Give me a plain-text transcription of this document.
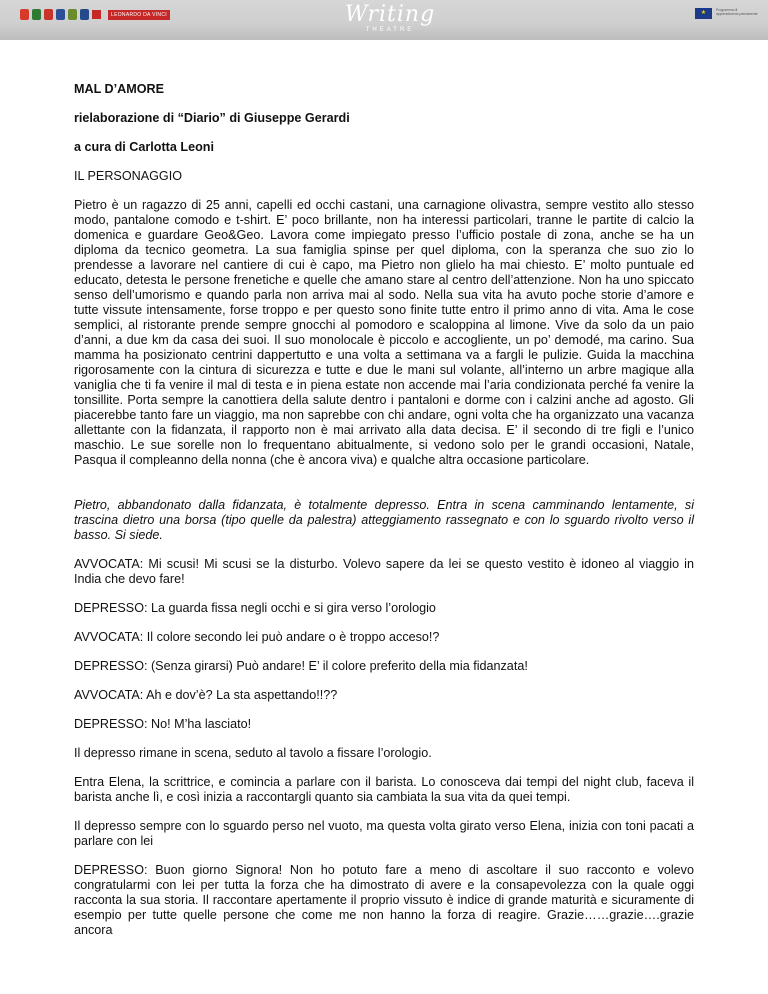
LEONARDO DA VINCI	Writing
THEATRE
★	Programma di apprendimento permanente

MAL D’AMORE

rielaborazione di “Diario” di Giuseppe Gerardi

a cura di Carlotta Leoni

IL PERSONAGGIO

Pietro è un ragazzo di 25 anni, capelli ed occhi castani, una carnagione olivastra, sempre vestito allo stesso modo, pantalone comodo e t-shirt. E’ poco brillante, non ha interessi particolari, tranne le partite di calcio la domenica e guardare Geo&Geo. Lavora come impiegato presso l’ufficio postale di zona, anche se ha un diploma da tecnico geometra. La sua famiglia spinse per quel diploma, con la speranza che suo zio lo prendesse a lavorare nel cantiere di cui è capo, ma Pietro non glielo ha mai chiesto. E’ molto puntuale ed educato, detesta le persone frenetiche e quelle che amano stare al centro dell’attenzione. Non ha uno spiccato senso dell’umorismo e quando parla non arriva mai al sodo. Nella sua vita ha avuto poche storie d’amore e tutte vissute intensamente, forse troppo e per questo sono finite tutte entro il primo anno di vita. Ama le cose semplici, al ristorante prende sempre gnocchi al pomodoro e scaloppina al limone. Vive da solo da un paio d’anni, a due km da casa dei suoi. Il suo monolocale è piccolo e accogliente, un po’ demodé, ma carino. Sua mamma ha posizionato centrini dappertutto e una volta a settimana va a fargli le pulizie. Guida la macchina rigorosamente con la cintura di sicurezza e tutte e due le mani sul volante, all’interno un arbre magique alla vaniglia che ti fa venire il mal di testa e in piena estate non accende mai l’aria condizionata perché fa venire la tonsillite. Porta sempre la canottiera della salute dentro i pantaloni e dorme con i calzini anche ad agosto. Gli piacerebbe tanto fare un viaggio, ma non saprebbe con chi andare, ogni volta che ha organizzato una vacanza allettante con la fidanzata, il rapporto non è mai arrivato alla data decisa. E’ il secondo di tre figli e l’unico maschio. Le sue sorelle non lo frequentano abitualmente, si vedono solo per le grandi occasioni, Natale, Pasqua il compleanno della nonna (che è ancora viva) e qualche altra occasione particolare.

Pietro, abbandonato dalla fidanzata, è totalmente depresso. Entra in scena camminando lentamente, si trascina dietro una borsa (tipo quelle da palestra) atteggiamento rassegnato e con lo sguardo rivolto verso il basso. Si siede.

AVVOCATA: Mi scusi! Mi scusi se la disturbo. Volevo sapere da lei se questo vestito è idoneo al viaggio in India che devo fare!

DEPRESSO: La guarda fissa negli occhi e si gira verso l’orologio

AVVOCATA: Il colore secondo lei può andare o è troppo acceso!?

DEPRESSO: (Senza girarsi) Può andare! E’ il colore preferito della mia fidanzata!

AVVOCATA: Ah e dov’è? La sta aspettando!!??

DEPRESSO: No! M’ha lasciato!

Il depresso rimane in scena, seduto al tavolo a fissare l’orologio.

Entra Elena, la scrittrice, e comincia a parlare con il barista. Lo conosceva dai tempi del night club, faceva il barista anche lì, e così inizia a raccontargli quanto sia cambiata la sua vita da quei tempi.

Il depresso sempre con lo sguardo perso nel vuoto, ma questa volta girato verso Elena, inizia con toni pacati a parlare con lei

DEPRESSO: Buon giorno Signora! Non ho potuto fare a meno di ascoltare il suo racconto e volevo congratularmi con lei per tutta la forza che ha dimostrato di avere e la consapevolezza con la quale oggi racconta la sua storia. Il raccontare apertamente il proprio vissuto è indice di grande maturità e sicuramente di esempio per tutte quelle persone che come me non hanno la forza di reagire. Grazie……grazie….grazie ancora
